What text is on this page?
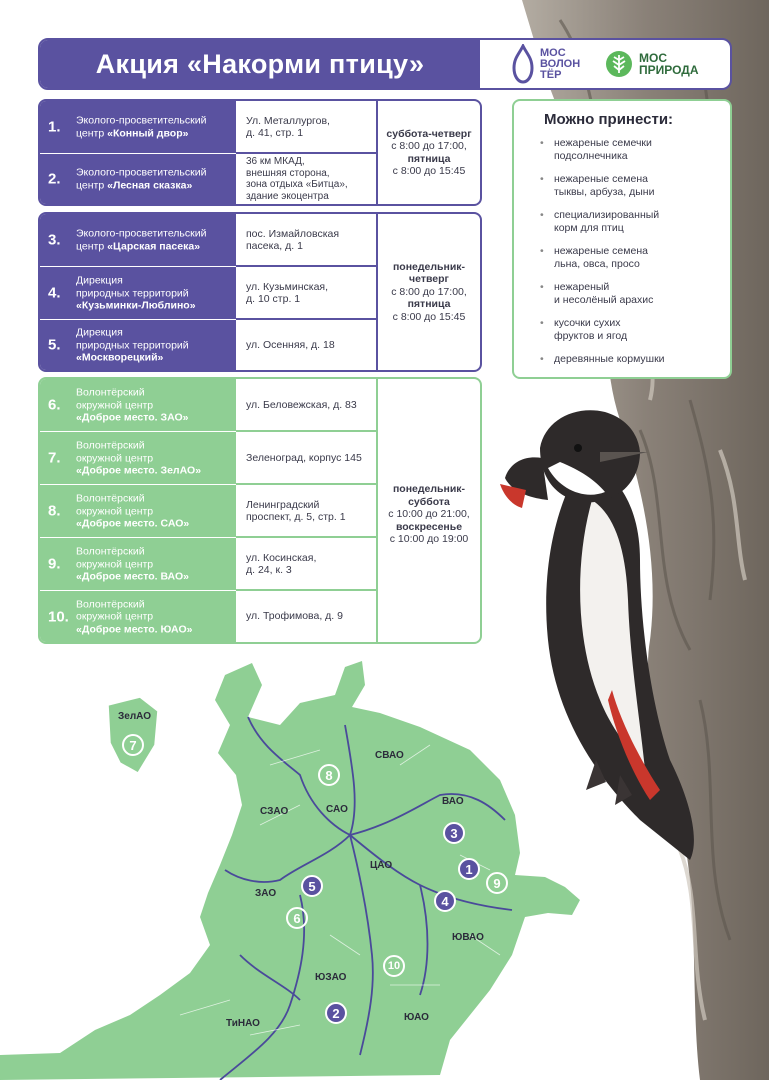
Акция «Накорми птицу»	МОС
ВОЛОН
ТЁР
МОС
ПРИРОДА
1. Эколого-просветительский
центр «Конный двор»
Ул. Металлургов,
д. 41, стр. 1
2. Эколого-просветительский
центр «Лесная сказка»
36 км МКАД,
внешняя сторона,
зона отдыха «Битца»,
здание экоцентра
суббота-четверг
с 8:00 до 17:00,
пятница
с 8:00 до 15:45
3. Эколого-просветительский
центр «Царская пасека»
пос. Измайловская
пасека, д. 1
4.
Дирекция
природных территорий
«Кузьминки-Люблино»
ул. Кузьминская,
д. 10 стр. 1
5.
Дирекция
природных территорий
«Москворецкий»
ул. Осенняя, д. 18
понедельник-
четверг
с 8:00 до 17:00,
пятница
с 8:00 до 15:45
6.
Волонтёрский
окружной центр
«Доброе место. ЗАО»
ул. Беловежская, д. 83
7.
Волонтёрский
окружной центр
«Доброе место. ЗелАО»
Зеленоград, корпус 145
8.
Волонтёрский
окружной центр
«Доброе место. САО»
Ленинградский
проспект, д. 5, стр. 1
9.
Волонтёрский
окружной центр
«Доброе место. ВАО»
ул. Косинская,
д. 24, к. 3
10.
Волонтёрский
окружной центр
«Доброе место. ЮАО»
ул. Трофимова, д. 9
понедельник-
суббота
с 10:00 до 21:00,
воскресенье
с 10:00 до 19:00
Можно принести:
• нежареные семечки
подсолнечника
• нежареные семена
тыквы, арбуза, дыни
• специализированный
корм для птиц
• нежареные семена
льна, овса, просо
• нежареный
и несолёный арахис
• кусочки сухих
фруктов и ягод
• деревянные кормушки
ЗелАО
СВАО
САО
СЗАО
ВАО
ЦАО
ЗАО
ЮВАО
ЮЗАО
ТиНАО
ЮАО
1
2
3
4
5
6
7
8
9
10
